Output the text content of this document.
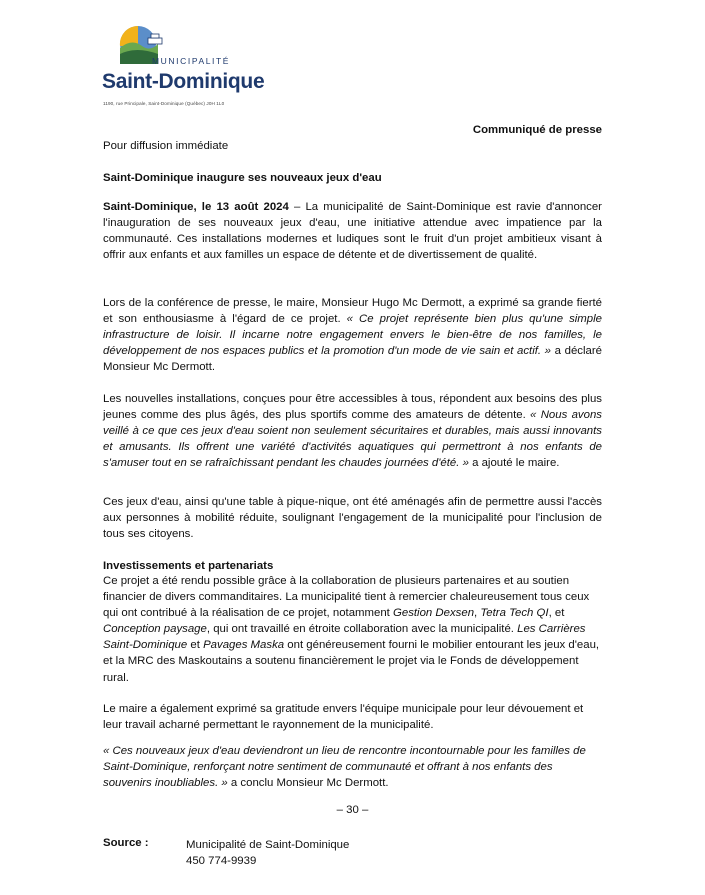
MUNICIPALITÉ
Saint-Dominique
1190, rue Principale, Saint-Dominique (Québec) J0H 1L0
Communiqué de presse
Pour diffusion immédiate
Saint-Dominique inaugure ses nouveaux jeux d'eau
Saint-Dominique, le 13 août 2024 – La municipalité de Saint-Dominique est ravie d'annoncer l'inauguration de ses nouveaux jeux d'eau, une initiative attendue avec impatience par la communauté. Ces installations modernes et ludiques sont le fruit d'un projet ambitieux visant à offrir aux enfants et aux familles un espace de détente et de divertissement de qualité.
Lors de la conférence de presse, le maire, Monsieur Hugo Mc Dermott, a exprimé sa grande fierté et son enthousiasme à l'égard de ce projet. « Ce projet représente bien plus qu'une simple infrastructure de loisir. Il incarne notre engagement envers le bien-être de nos familles, le développement de nos espaces publics et la promotion d'un mode de vie sain et actif. » a déclaré Monsieur Mc Dermott.
Les nouvelles installations, conçues pour être accessibles à tous, répondent aux besoins des plus jeunes comme des plus âgés, des plus sportifs comme des amateurs de détente. « Nous avons veillé à ce que ces jeux d'eau soient non seulement sécuritaires et durables, mais aussi innovants et amusants. Ils offrent une variété d'activités aquatiques qui permettront à nos enfants de s'amuser tout en se rafraîchissant pendant les chaudes journées d'été. » a ajouté le maire.
Ces jeux d'eau, ainsi qu'une table à pique-nique, ont été aménagés afin de permettre aussi l'accès aux personnes à mobilité réduite, soulignant l'engagement de la municipalité pour l'inclusion de tous ses citoyens.
Investissements et partenariats
Ce projet a été rendu possible grâce à la collaboration de plusieurs partenaires et au soutien financier de divers commanditaires. La municipalité tient à remercier chaleureusement tous ceux qui ont contribué à la réalisation de ce projet, notamment Gestion Dexsen, Tetra Tech QI, et Conception paysage, qui ont travaillé en étroite collaboration avec la municipalité. Les Carrières Saint-Dominique et Pavages Maska ont généreusement fourni le mobilier entourant les jeux d'eau, et la MRC des Maskoutains a soutenu financièrement le projet via le Fonds de développement rural.
Le maire a également exprimé sa gratitude envers l'équipe municipale pour leur dévouement et leur travail acharné permettant le rayonnement de la municipalité.
« Ces nouveaux jeux d'eau deviendront un lieu de rencontre incontournable pour les familles de Saint-Dominique, renforçant notre sentiment de communauté et offrant à nos enfants des souvenirs inoubliables. » a conclu Monsieur Mc Dermott.
– 30 –
Source :	Municipalité de Saint-Dominique
450 774-9939
